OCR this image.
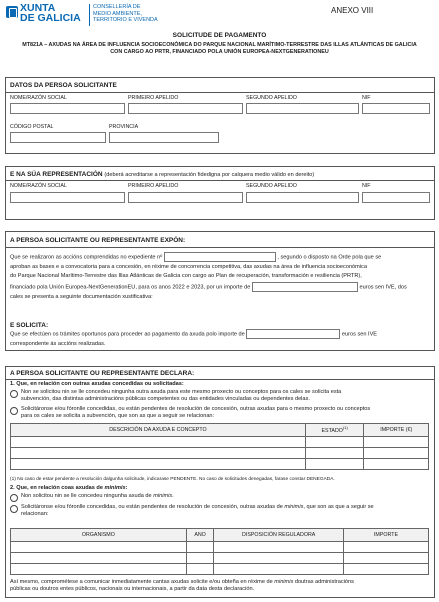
XUNTA
DE GALICIA
CONSELLERÍA DE
MEDIO AMBIENTE,
TERRITORIO E VIVENDA
ANEXO VIII
SOLICITUDE DE PAGAMENTO
MT821A – AXUDAS NA ÁREA DE INFLUENCIA SOCIOECONÓMICA DO PARQUE NACIONAL MARÍTIMO-TERRESTRE DAS ILLAS ATLÁNTICAS DE GALICIA
CON CARGO AO PRTR, FINANCIADO POLA UNIÓN EUROPEA-NEXTGENERATIONEU
DATOS DA PERSOA SOLICITANTE
NOME/RAZÓN SOCIAL	PRIMEIRO APELIDO	SEGUNDO APELIDO	NIF
CÓDIGO POSTAL	PROVINCIA
E NA SÚA REPRESENTACIÓN (deberá acreditarse a representación fidedigna por calquera medio válido en dereito)
NOME/RAZÓN SOCIAL	PRIMEIRO APELIDO	SEGUNDO APELIDO	NIF
A PERSOA SOLICITANTE OU REPRESENTANTE EXPÓN:
Que se realizaron as accións comprendidas no expediente nº	, segundo o disposto na Orde pola que se
aproban as bases e a convocatoria para a concesión, en réxime de concorrencia competitiva, das axudas na área de influencia socioeconómica
do Parque Nacional Marítimo-Terrestre das Illas Atlánticas de Galicia con cargo ao Plan de recuperación, transformación e resiliencia (PRTR),
financiado pola Unión Europea-NextGenerationEU, para os anos 2022 e 2023, por un importe de	euros sen IVE, dos
cales se presenta a seguinte documentación xustificativa:
E SOLICITA:
Que se efectúen os trámites oportunos para proceder ao pagamento da axuda polo importe de	euros sen IVE
correspondente ás accións realizadas.
A PERSOA SOLICITANTE OU REPRESENTANTE DECLARA:
1. Que, en relación con outras axudas concedidas ou solicitadas:
Non se solicitou nin se lle concedeu ningunha outra axuda para este mesmo proxecto ou conceptos para os cales se solicita esta
subvención, das distintas administracións públicas competentes ou das entidades vinculadas ou dependentes delas.
Solicitáronse e/ou fóronlle concedidas, ou están pendentes de resolución de concesión, outras axudas para o mesmo proxecto ou conceptos
para os cales se solicita a subvención, que son as que a seguir se relacionan:
DESCRICIÓN DA AXUDA E CONCEPTO	ESTADO$^{(1)}$	IMPORTE (€)

(1) No caso de estar pendente a resolución dalgunha solicitude, indicarase PENDENTE. No caso de solicitudes denegadas, farase constar DENEGADA.
2. Que, en relación coas axudas de minimis:
Non solicitou nin se lle concedeu ningunha axuda de minimis.
Solicitáronse e/ou fóronlle concedidas, ou están pendentes de resolución de concesión, outras axudas de minimis, que son as que a seguir se
relacionan:
ORGANISMO	ANO	DISPOSICIÓN REGULADORA	IMPORTE

Así mesmo, comprométese a comunicar inmediatamente cantas axudas solicite e/ou obteña en réxime de minimis doutras administracións
públicas ou doutros entes públicos, nacionais ou internacionais, a partir da data desta declaración.
